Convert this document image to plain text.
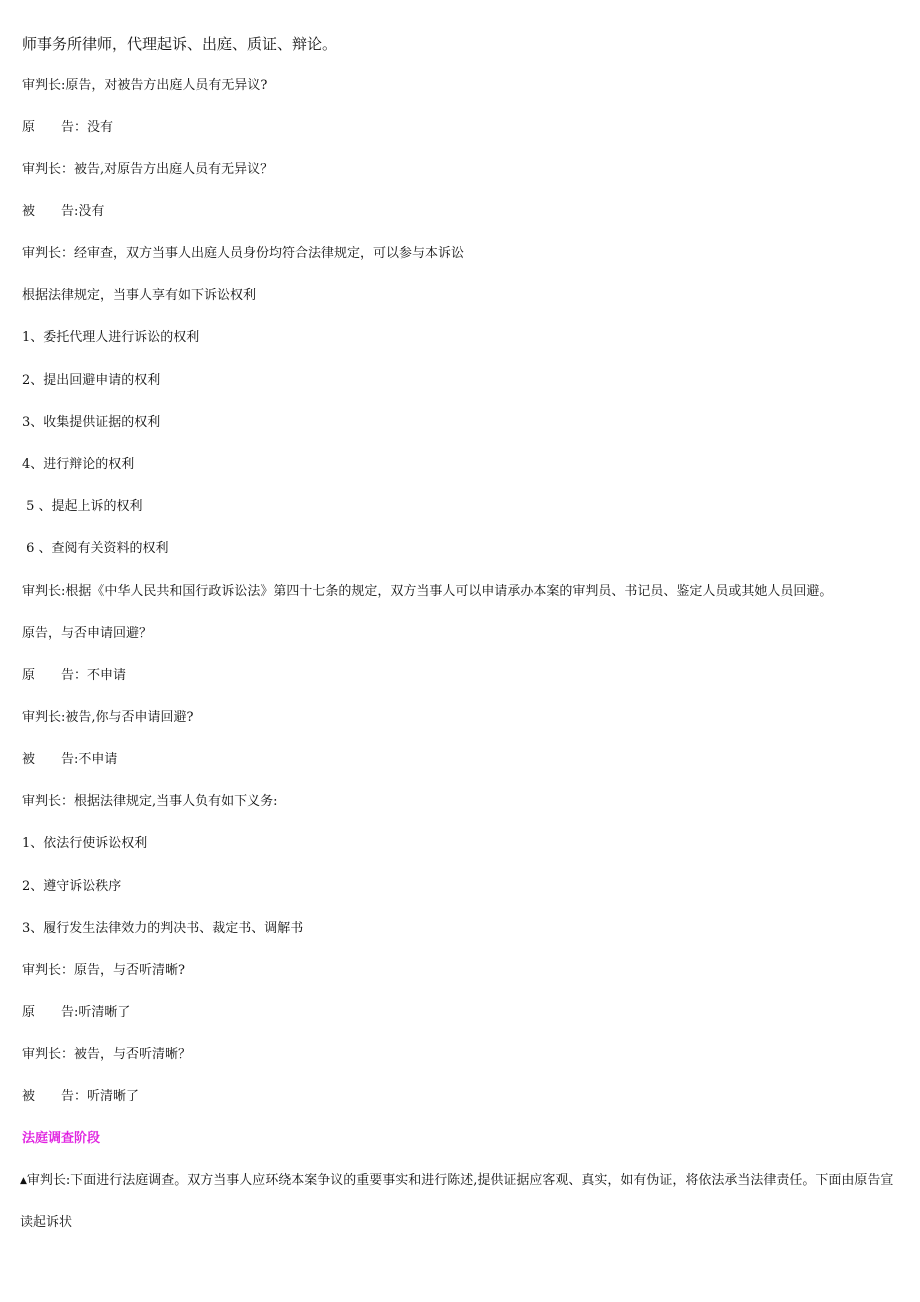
师事务所律师，代理起诉、出庭、质证、辩论。
审判长:原告，对被告方出庭人员有无异议?
原　　告：没有
审判长：被告,对原告方出庭人员有无异议？
被　　告:没有
审判长：经审查，双方当事人出庭人员身份均符合法律规定，可以参与本诉讼
根据法律规定，当事人享有如下诉讼权利
1、委托代理人进行诉讼的权利
2、提出回避申请的权利
3、收集提供证据的权利
4、进行辩论的权利
5 、提起上诉的权利
6 、查阅有关资料的权利
审判长:根据《中华人民共和国行政诉讼法》第四十七条的规定，双方当事人可以申请承办本案的审判员、书记员、鉴定人员或其她人员回避。
原告，与否申请回避？
原　　告：不申请
审判长:被告,你与否申请回避?
被　　告:不申请
审判长：根据法律规定,当事人负有如下义务:
1、依法行使诉讼权利
2、遵守诉讼秩序
3、履行发生法律效力的判决书、裁定书、调解书
审判长：原告，与否听清晰?
原　　告:听清晰了
审判长：被告，与否听清晰？
被　　告：听清晰了
法庭调查阶段
▲审判长:下面进行法庭调查。双方当事人应环绕本案争议的重要事实和进行陈述,提供证据应客观、真实，如有伪证，将依法承当法律责任。下面由原告宣读起诉状
